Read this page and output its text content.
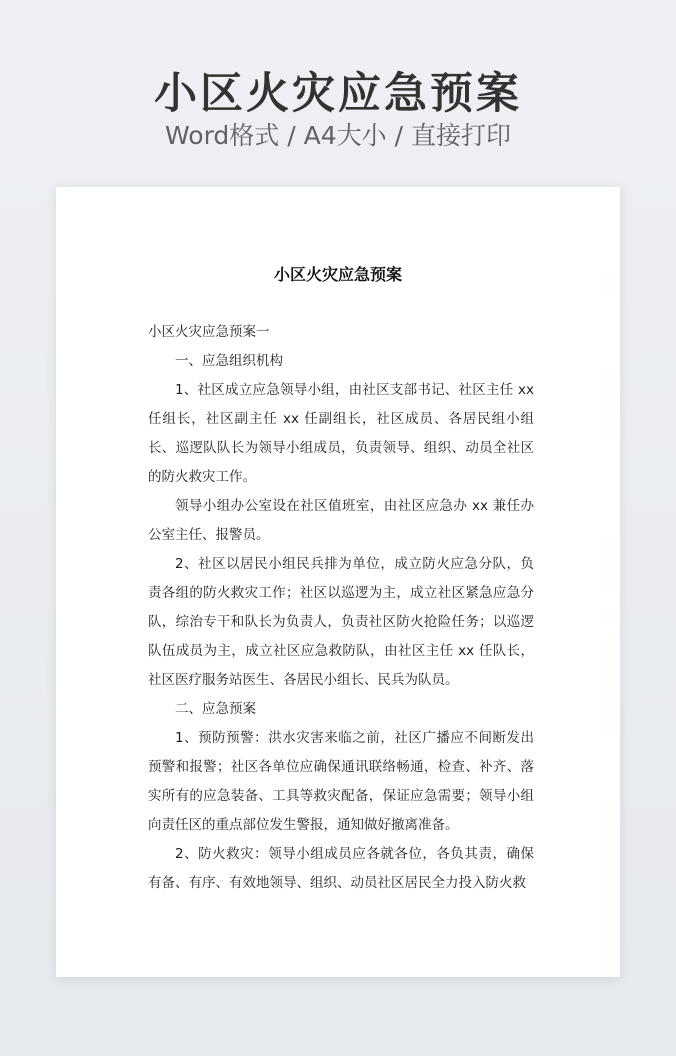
小区火灾应急预案
Word格式 / A4大小 / 直接打印
小区火灾应急预案

小区火灾应急预案一

一、应急组织机构

1、社区成立应急领导小组，由社区支部书记、社区主任 xx 任组长，社区副主任 xx 任副组长，社区成员、各居民组小组长、巡逻队队长为领导小组成员，负责领导、组织、动员全社区的防火救灾工作。

领导小组办公室设在社区值班室，由社区应急办 xx 兼任办公室主任、报警员。

2、社区以居民小组民兵排为单位，成立防火应急分队，负责各组的防火救灾工作；社区以巡逻为主，成立社区紧急应急分队，综治专干和队长为负责人，负责社区防火抢险任务；以巡逻队伍成员为主，成立社区应急救防队，由社区主任 xx 任队长，社区医疗服务站医生、各居民小组长、民兵为队员。

二、应急预案

1、预防预警：洪水灾害来临之前，社区广播应不间断发出预警和报警；社区各单位应确保通讯联络畅通，检查、补齐、落实所有的应急装备、工具等救灾配备，保证应急需要；领导小组向责任区的重点部位发生警报，通知做好撤离准备。

2、防火救灾：领导小组成员应各就各位，各负其责，确保有备、有序、有效地领导、组织、动员社区居民全力投入防火救
